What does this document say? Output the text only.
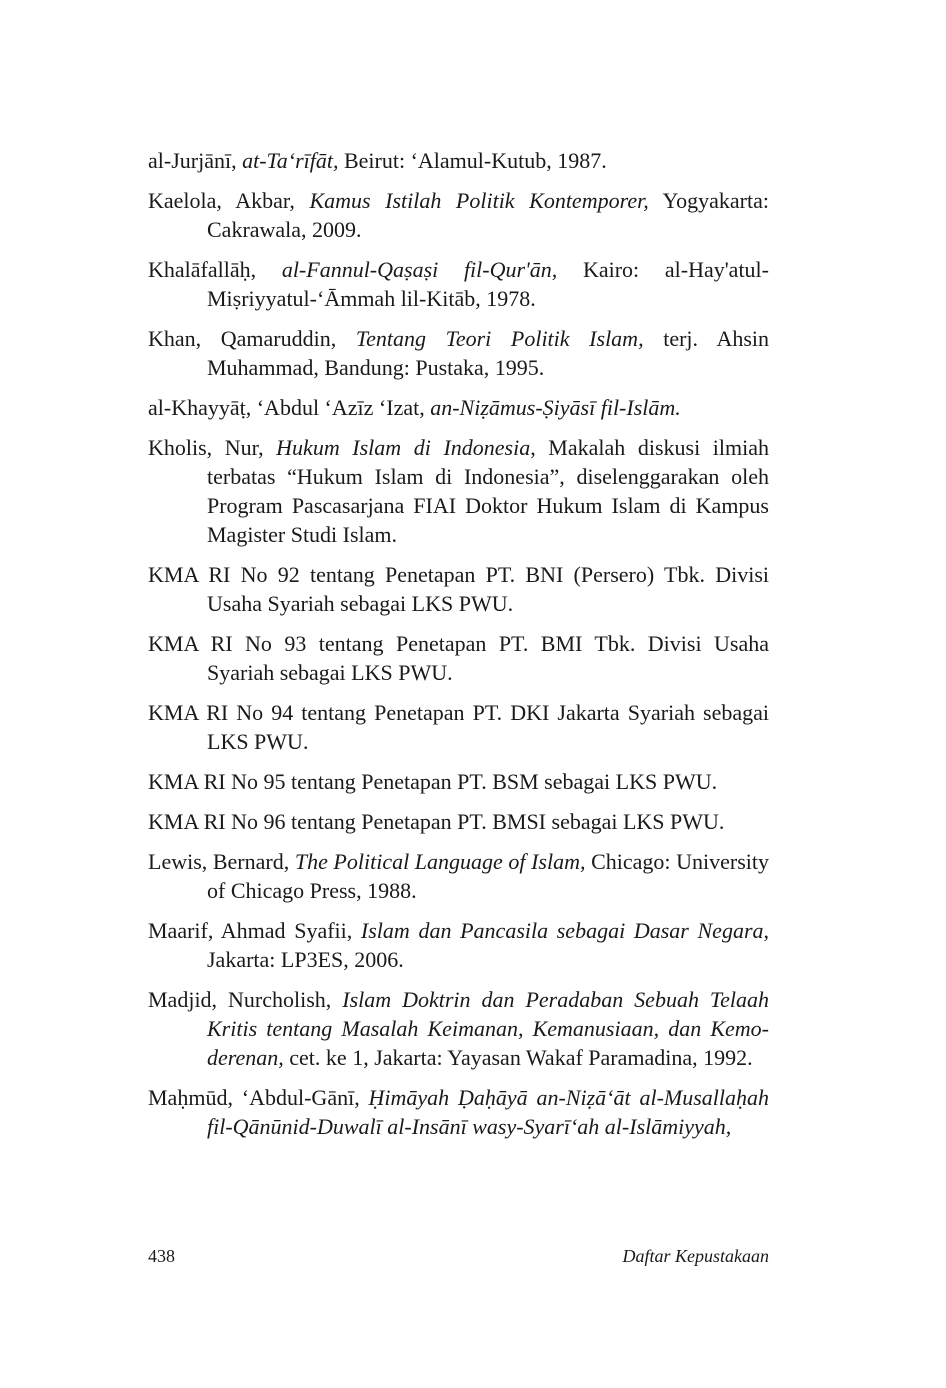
al-Jurjānī, at-Ta‘rīfāt, Beirut: ‘Alamul-Kutub, 1987.

Kaelola, Akbar, Kamus Istilah Politik Kontemporer, Yogyakarta: Cakrawala, 2009.

Khalāfallāḥ, al-Fannul-Qaṣaṣi fil-Qur'ān, Kairo: al-Hay'atul-Miṣriyyatul-‘Āmmah lil-Kitāb, 1978.

Khan, Qamaruddin, Tentang Teori Politik Islam, terj. Ahsin Muhammad, Bandung: Pustaka, 1995.

al-Khayyāṭ, ‘Abdul ‘Azīz ‘Izat, an-Niẓāmus-Ṣiyāsī fil-Islām.

Kholis, Nur, Hukum Islam di Indonesia, Makalah diskusi ilmiah terbatas “Hukum Islam di Indonesia”, diselenggarakan oleh Program Pascasarjana FIAI Doktor Hukum Islam di Kampus Magister Studi Islam.

KMA RI No 92 tentang Penetapan PT. BNI (Persero) Tbk. Divisi Usaha Syariah sebagai LKS PWU.

KMA RI No 93 tentang Penetapan PT. BMI Tbk. Divisi Usaha Syariah sebagai LKS PWU.

KMA RI No 94 tentang Penetapan PT. DKI Jakarta Syariah sebagai LKS PWU.

KMA RI No 95 tentang Penetapan PT. BSM sebagai LKS PWU.

KMA RI No 96 tentang Penetapan PT. BMSI sebagai LKS PWU.

Lewis, Bernard, The Political Language of Islam, Chicago: University of Chicago Press, 1988.

Maarif, Ahmad Syafii, Islam dan Pancasila sebagai Dasar Negara, Jakarta: LP3ES, 2006.

Madjid, Nurcholish, Islam Doktrin dan Peradaban Sebuah Telaah Kritis tentang Masalah Keimanan, Kemanusiaan, dan Kemo-derenan, cet. ke 1, Jakarta: Yayasan Wakaf Paramadina, 1992.

Maḥmūd, ‘Abdul-Gānī, Ḥimāyah Ḍaḥāyā an-Niẓā‘āt al-Musallaḥah fil-Qānūnid-Duwalī al-Insānī wasy-Syarī‘ah al-Islāmiyyah,

438	Daftar Kepustakaan
